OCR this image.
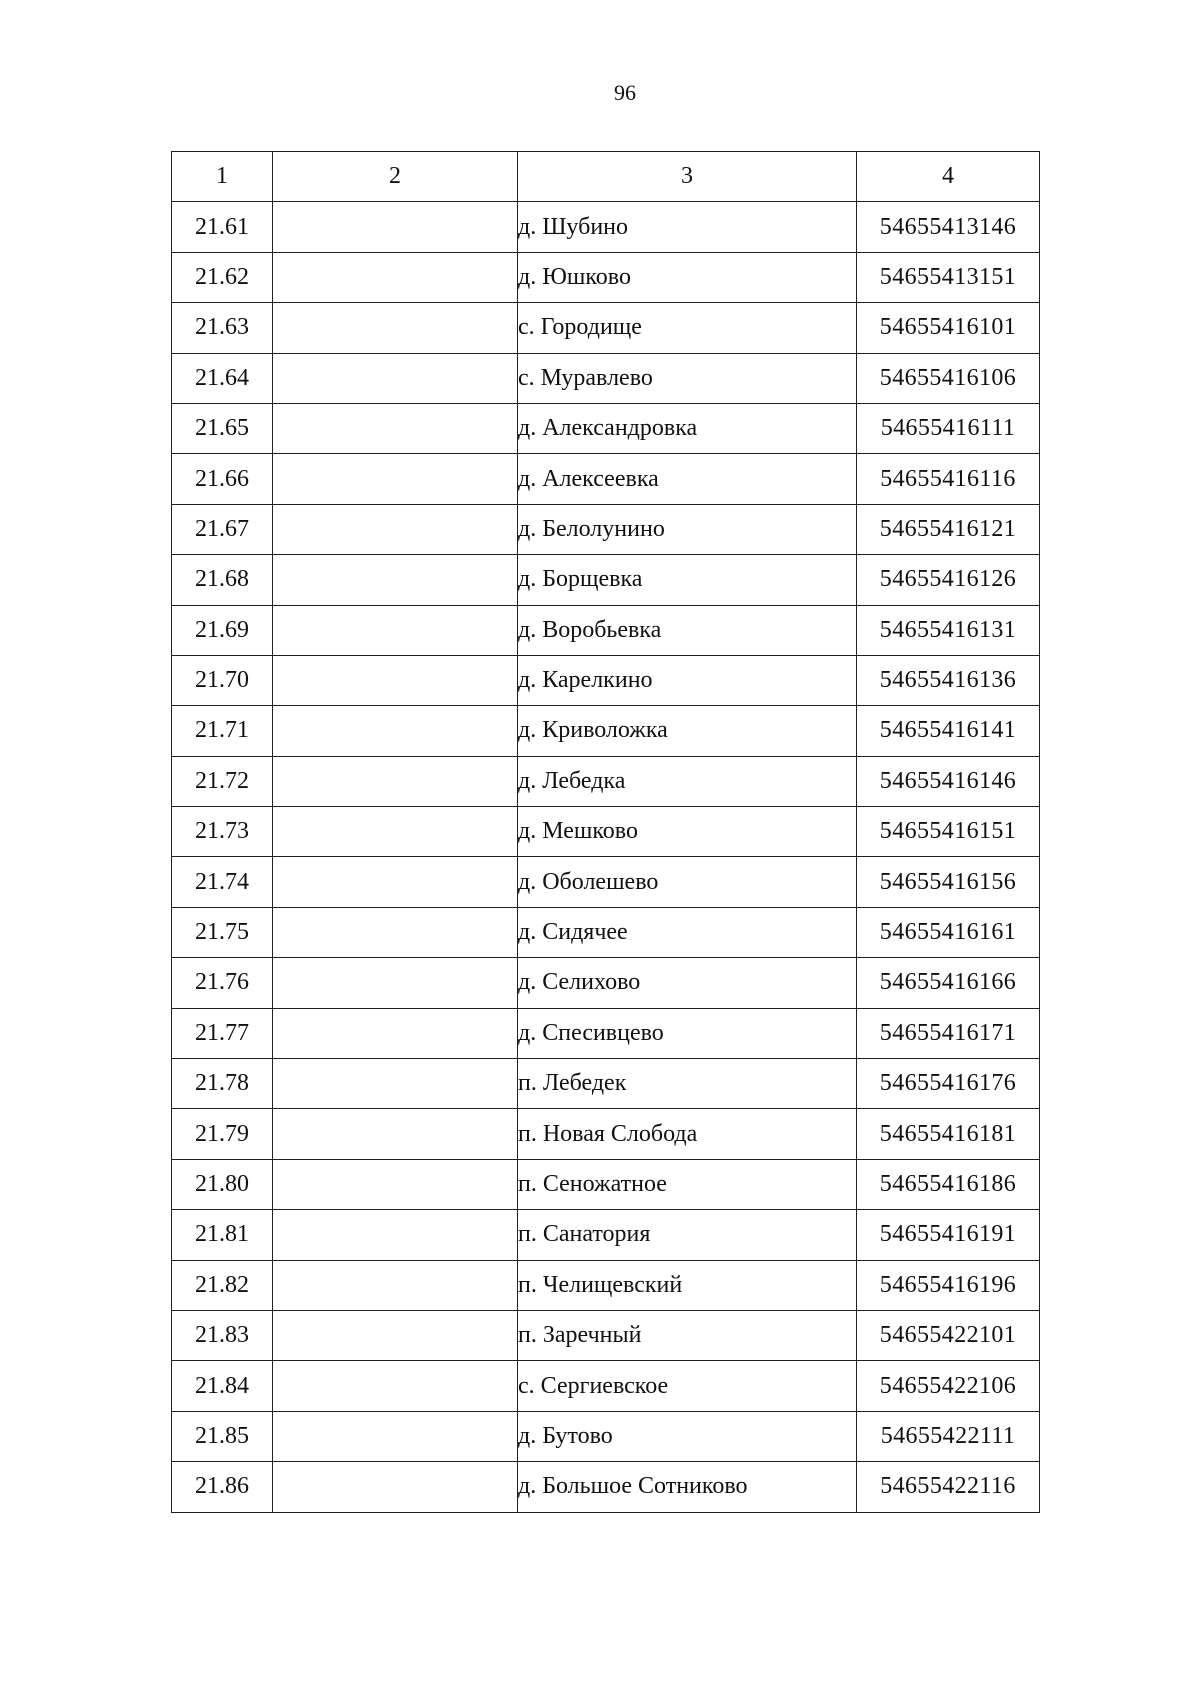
96
1	2	3	4
21.61		д. Шубино	54655413146
21.62		д. Юшково	54655413151
21.63		с. Городище	54655416101
21.64		с. Муравлево	54655416106
21.65		д. Александровка	54655416111
21.66		д. Алексеевка	54655416116
21.67		д. Белолунино	54655416121
21.68		д. Борщевка	54655416126
21.69		д. Воробьевка	54655416131
21.70		д. Карелкино	54655416136
21.71		д. Криволожка	54655416141
21.72		д. Лебедка	54655416146
21.73		д. Мешково	54655416151
21.74		д. Оболешево	54655416156
21.75		д. Сидячее	54655416161
21.76		д. Селихово	54655416166
21.77		д. Спесивцево	54655416171
21.78		п. Лебедек	54655416176
21.79		п. Новая Слобода	54655416181
21.80		п. Сеножатное	54655416186
21.81		п. Санатория	54655416191
21.82		п. Челищевский	54655416196
21.83		п. Заречный	54655422101
21.84		с. Сергиевское	54655422106
21.85		д. Бутово	54655422111
21.86		д. Большое Сотниково	54655422116
